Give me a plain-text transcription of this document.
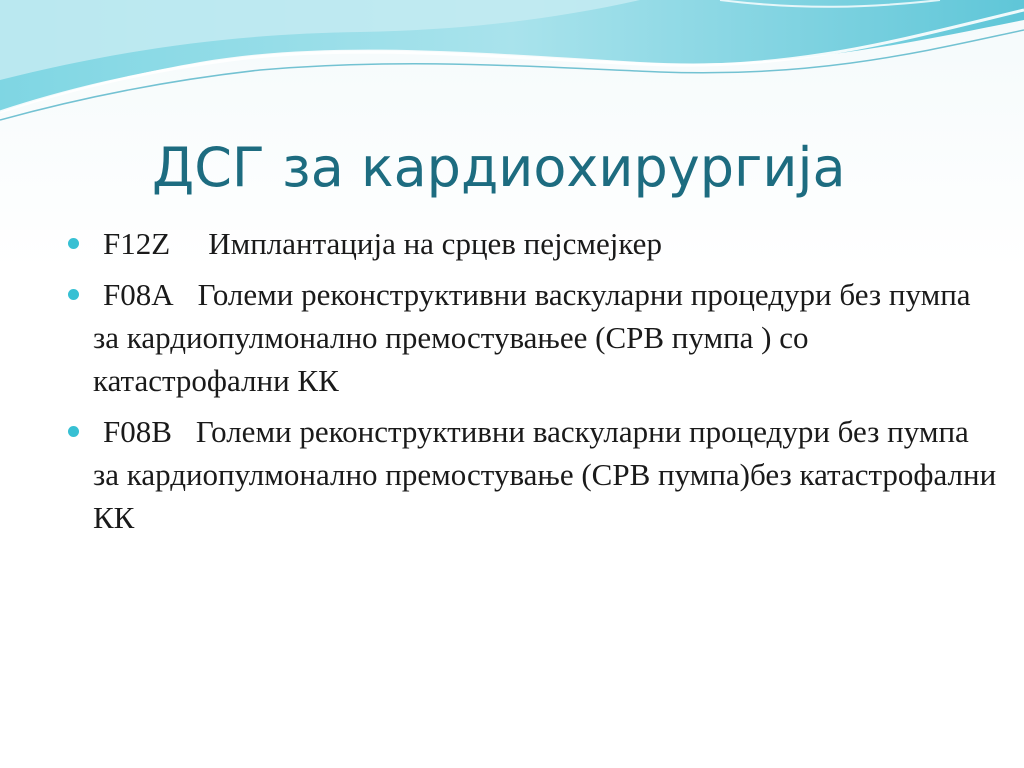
ДСГ за кардиохирургија
F12Z Имплантација на срцев пејсмејкер
F08A Големи реконструктивни васкуларни процедури без пумпа за кардиопулмонално премостувањее (СРВ пумпа ) со катастрофални КК
F08B Големи реконструктивни васкуларни процедури без пумпа за кардиопулмонално премостување (СРВ пумпа)без катастрофални КК
